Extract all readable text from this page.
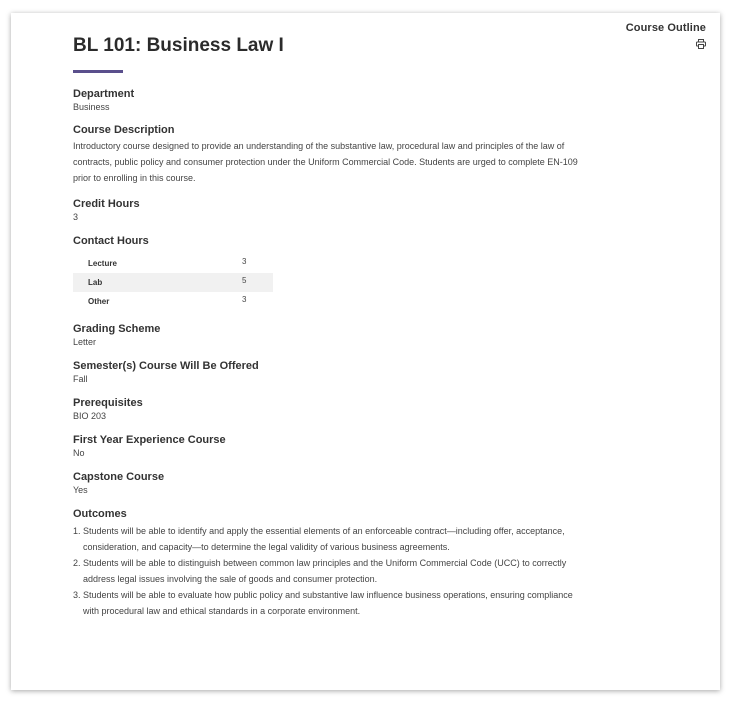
Course Outline
BL 101: Business Law I
Department
Business
Course Description
Introductory course designed to provide an understanding of the substantive law, procedural law and principles of the law of
contracts, public policy and consumer protection under the Uniform Commercial Code. Students are urged to complete EN-109
prior to enrolling in this course.
Credit Hours
3
Contact Hours
Lecture	3
Lab	5
Other	3
Grading Scheme
Letter
Semester(s) Course Will Be Offered
Fall
Prerequisites
BIO 203
First Year Experience Course
No
Capstone Course
Yes
Outcomes
1. Students will be able to identify and apply the essential elements of an enforceable contract—including offer, acceptance,
consideration, and capacity—to determine the legal validity of various business agreements.
2. Students will be able to distinguish between common law principles and the Uniform Commercial Code (UCC) to correctly
address legal issues involving the sale of goods and consumer protection.
3. Students will be able to evaluate how public policy and substantive law influence business operations, ensuring compliance
with procedural law and ethical standards in a corporate environment.
